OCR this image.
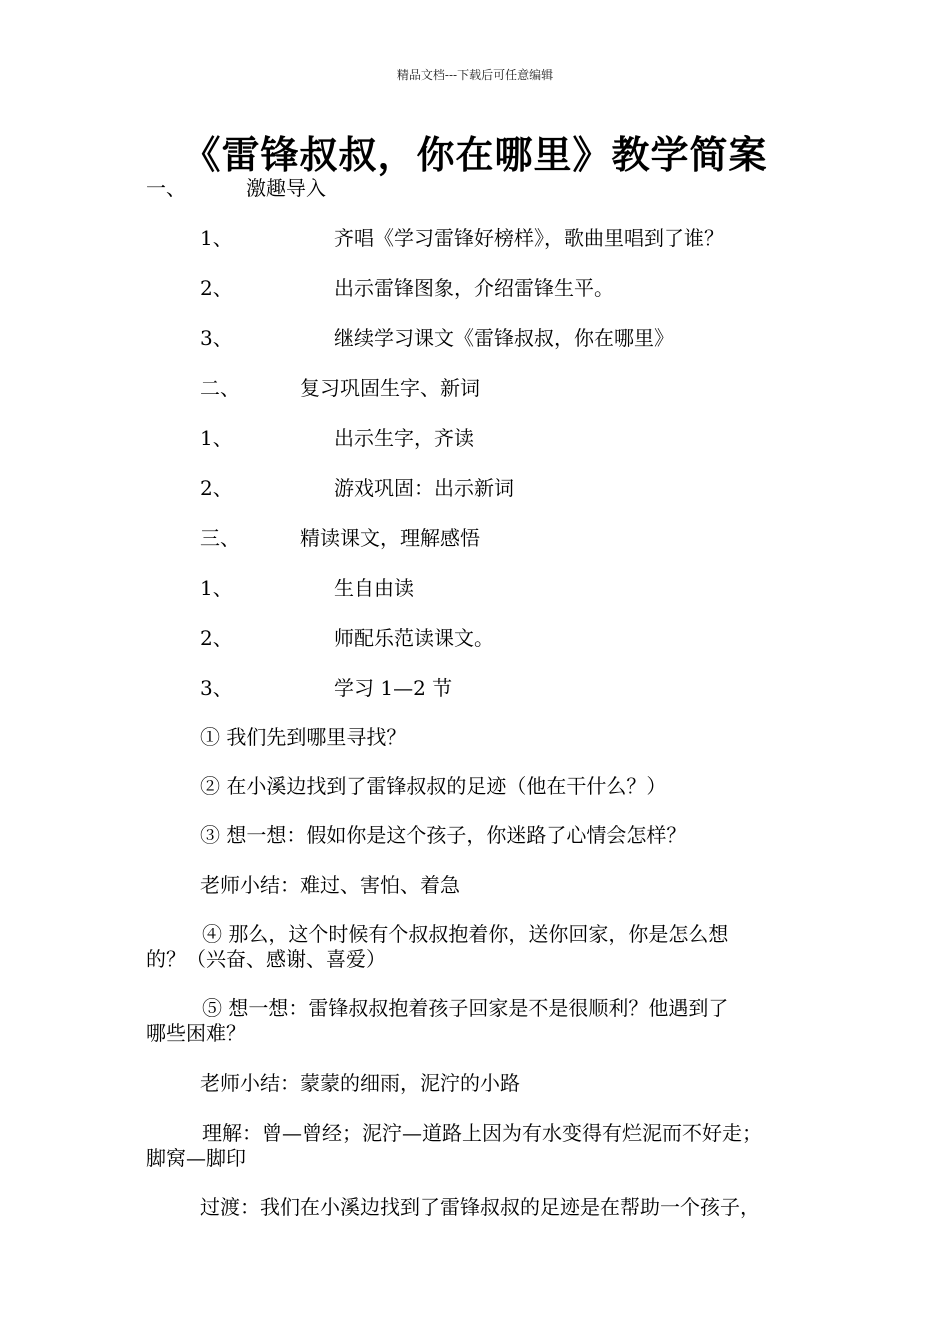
精品文档---下载后可任意编辑
《雷锋叔叔，你在哪里》教学简案
一、	激趣导入
1、	齐唱《学习雷锋好榜样》，歌曲里唱到了谁？
2、	出示雷锋图象，介绍雷锋生平。
3、	继续学习课文《雷锋叔叔，你在哪里》
二、	复习巩固生字、新词
1、	出示生字，齐读
2、	游戏巩固：出示新词
三、	精读课文，理解感悟
1、	生自由读
2、	师配乐范读课文。
3、	学习 1—2 节
① 我们先到哪里寻找？
② 在小溪边找到了雷锋叔叔的足迹（他在干什么？）
③ 想一想：假如你是这个孩子，你迷路了心情会怎样？
老师小结：难过、害怕、着急
④ 那么，这个时候有个叔叔抱着你，送你回家，你是怎么想
的？（兴奋、感谢、喜爱）
⑤ 想一想：雷锋叔叔抱着孩子回家是不是很顺利？他遇到了
哪些困难？
老师小结：蒙蒙的细雨，泥泞的小路
理解：曾—曾经；泥泞—道路上因为有水变得有烂泥而不好走；
脚窝—脚印
过渡：我们在小溪边找到了雷锋叔叔的足迹是在帮助一个孩子，
